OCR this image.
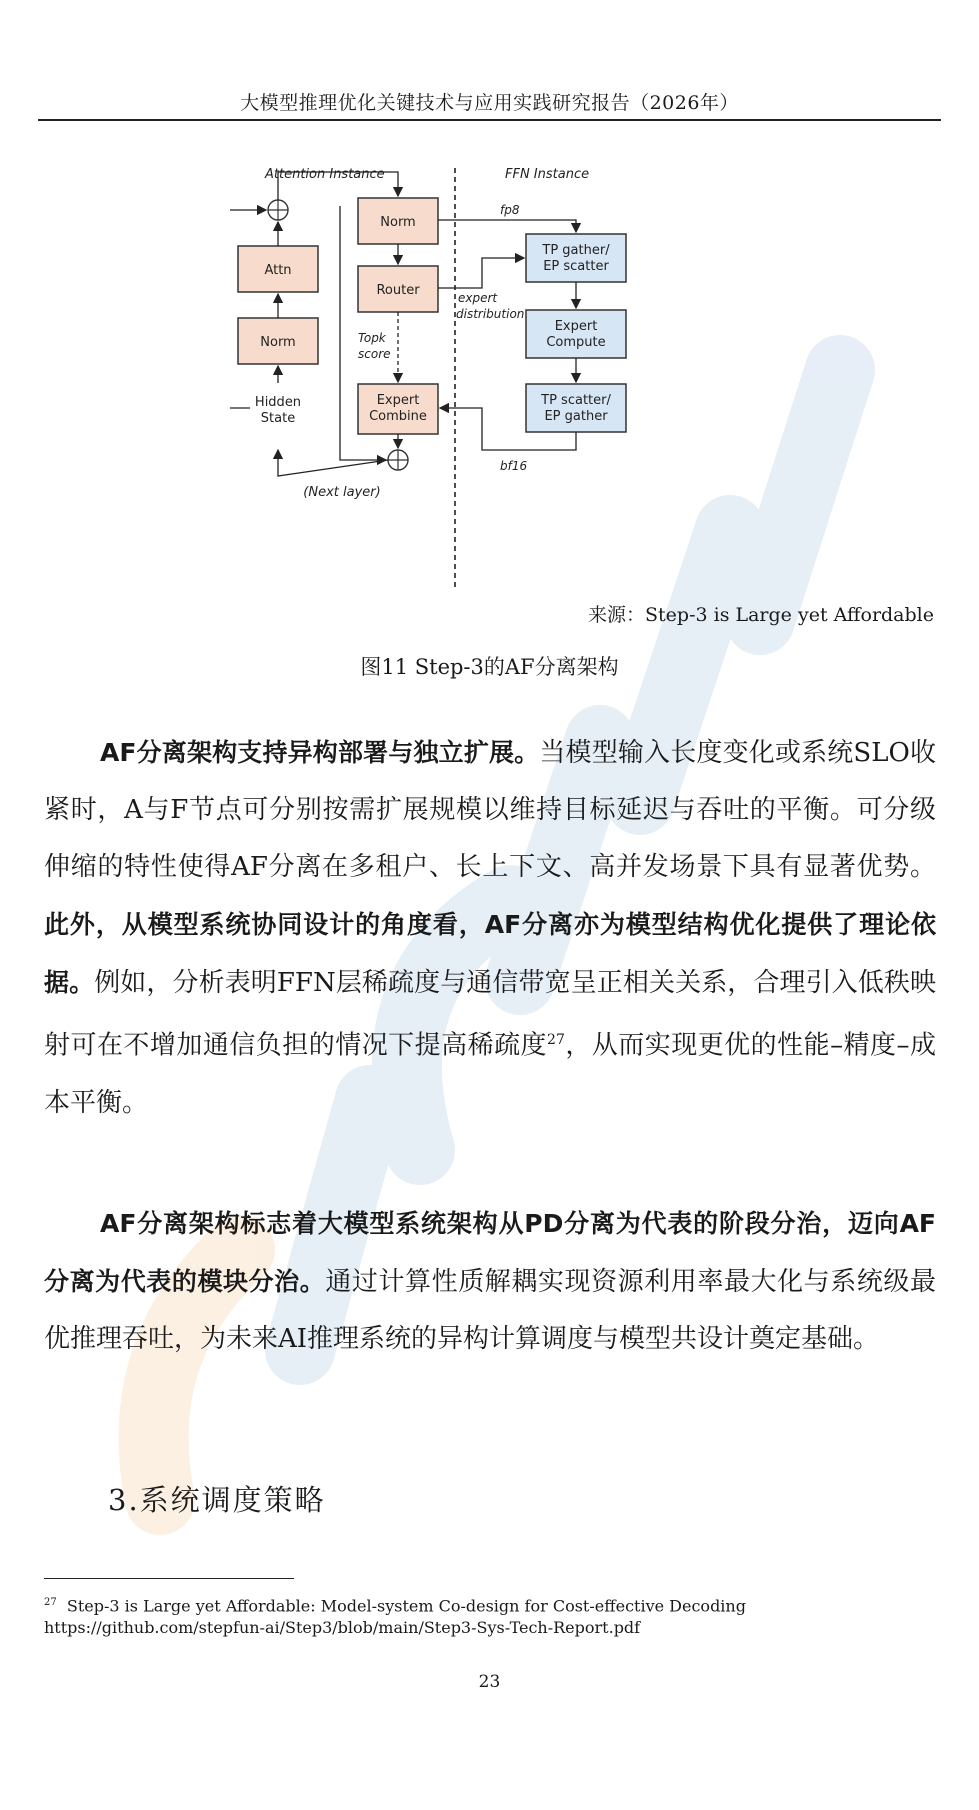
大模型推理优化关键技术与应用实践研究报告（2026年）
Attention Instance	FFN Instance
Attn
Norm
Hidden
State
Norm
Router
Expert
Combine
TP gather/
EP scatter
Expert
Compute
TP scatter/
EP gather
(Next layer)
Topk
score
fp8
expert
distribution
bf16
来源：Step-3 is Large yet Affordable
图11 Step-3的AF分离架构

AF分离架构支持异构部署与独立扩展。当模型输入长度变化或系统SLO收紧时，A与F节点可分别按需扩展规模以维持目标延迟与吞吐的平衡。可分级伸缩的特性使得AF分离在多租户、长上下文、高并发场景下具有显著优势。此外，从模型系统协同设计的角度看，AF分离亦为模型结构优化提供了理论依据。例如，分析表明FFN层稀疏度与通信带宽呈正相关关系，合理引入低秩映射可在不增加通信负担的情况下提高稀疏度$^{27}$，从而实现更优的性能–精度–成本平衡。

AF分离架构标志着大模型系统架构从PD分离为代表的阶段分治，迈向AF分离为代表的模块分治。通过计算性质解耦实现资源利用率最大化与系统级最优推理吞吐，为未来AI推理系统的异构计算调度与模型共设计奠定基础。

3.系统调度策略
$^{27}$ Step-3 is Large yet Affordable: Model-system Co-design for Cost-effective Decoding
https://github.com/stepfun-ai/Step3/blob/main/Step3-Sys-Tech-Report.pdf
23
